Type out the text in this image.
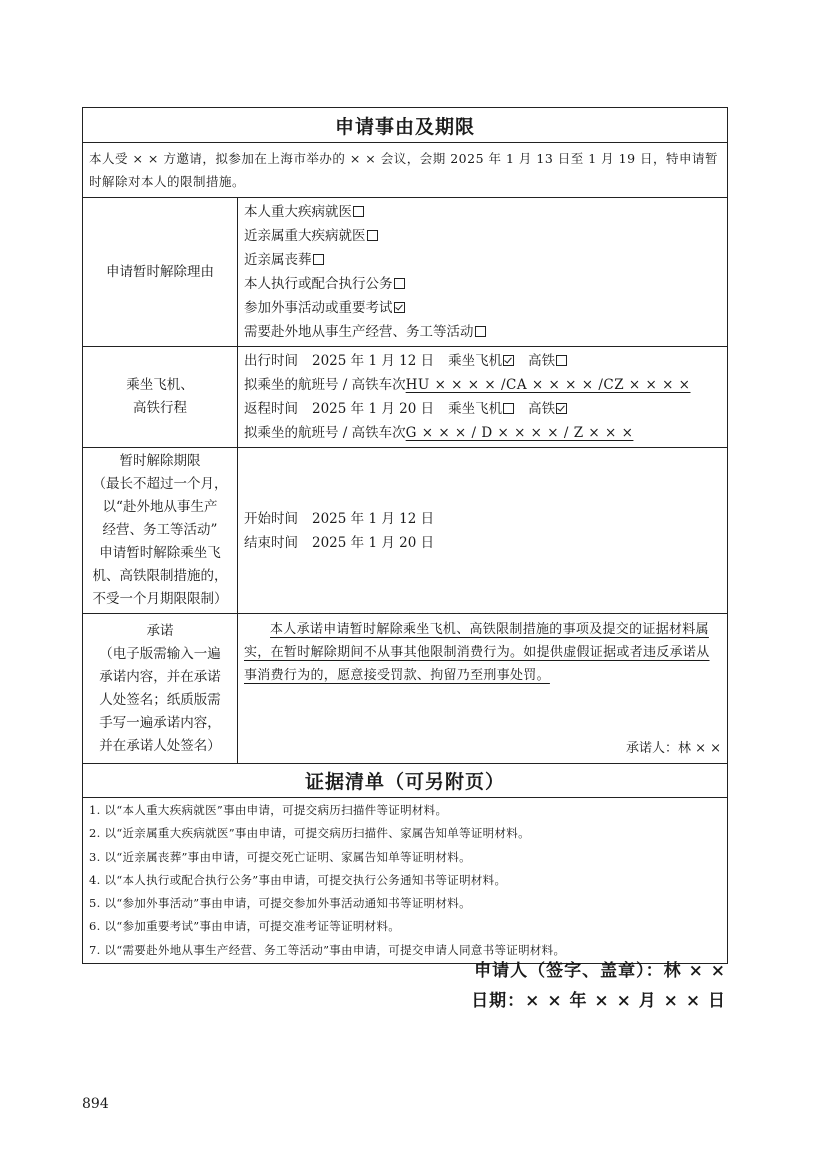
申请事由及期限
本人受 × × 方邀请，拟参加在上海市举办的 × × 会议，会期 2025 年 1 月 13 日至 1 月 19 日，特申请暂时解除对本人的限制措施。
申请暂时解除理由
本人重大疾病就医
近亲属重大疾病就医
近亲属丧葬
本人执行或配合执行公务
参加外事活动或重要考试
需要赴外地从事生产经营、务工等活动
乘坐飞机、高铁行程
出行时间 2025 年 1 月 12 日 乘坐飞机 高铁
拟乘坐的航班号 / 高铁车次HU × × × × /CA × × × × /CZ × × × ×
返程时间 2025 年 1 月 20 日 乘坐飞机 高铁
拟乘坐的航班号 / 高铁车次G × × × / D × × × × / Z × × ×
暂时解除期限
（最长不超过一个月，
以“赴外地从事生产
经营、务工等活动”
申请暂时解除乘坐飞
机、高铁限制措施的，
不受一个月期限限制）
开始时间 2025 年 1 月 12 日
结束时间 2025 年 1 月 20 日
承诺
（电子版需输入一遍
承诺内容，并在承诺
人处签名；纸质版需
手写一遍承诺内容，
并在承诺人处签名）
本人承诺申请暂时解除乘坐飞机、高铁限制措施的事项及提交的证据材料属实，在暂时解除期间不从事其他限制消费行为。如提供虚假证据或者违反承诺从事消费行为的，愿意接受罚款、拘留乃至刑事处罚。
承诺人：林 × ×
证据清单（可另附页）
1. 以“本人重大疾病就医”事由申请，可提交病历扫描件等证明材料。
2. 以“近亲属重大疾病就医”事由申请，可提交病历扫描件、家属告知单等证明材料。
3. 以“近亲属丧葬”事由申请，可提交死亡证明、家属告知单等证明材料。
4. 以“本人执行或配合执行公务”事由申请，可提交执行公务通知书等证明材料。
5. 以“参加外事活动”事由申请，可提交参加外事活动通知书等证明材料。
6. 以“参加重要考试”事由申请，可提交准考证等证明材料。
7. 以“需要赴外地从事生产经营、务工等活动”事由申请，可提交申请人同意书等证明材料。
申请人（签字、盖章）：林 × ×
日期：× × 年 × × 月 × × 日
894
